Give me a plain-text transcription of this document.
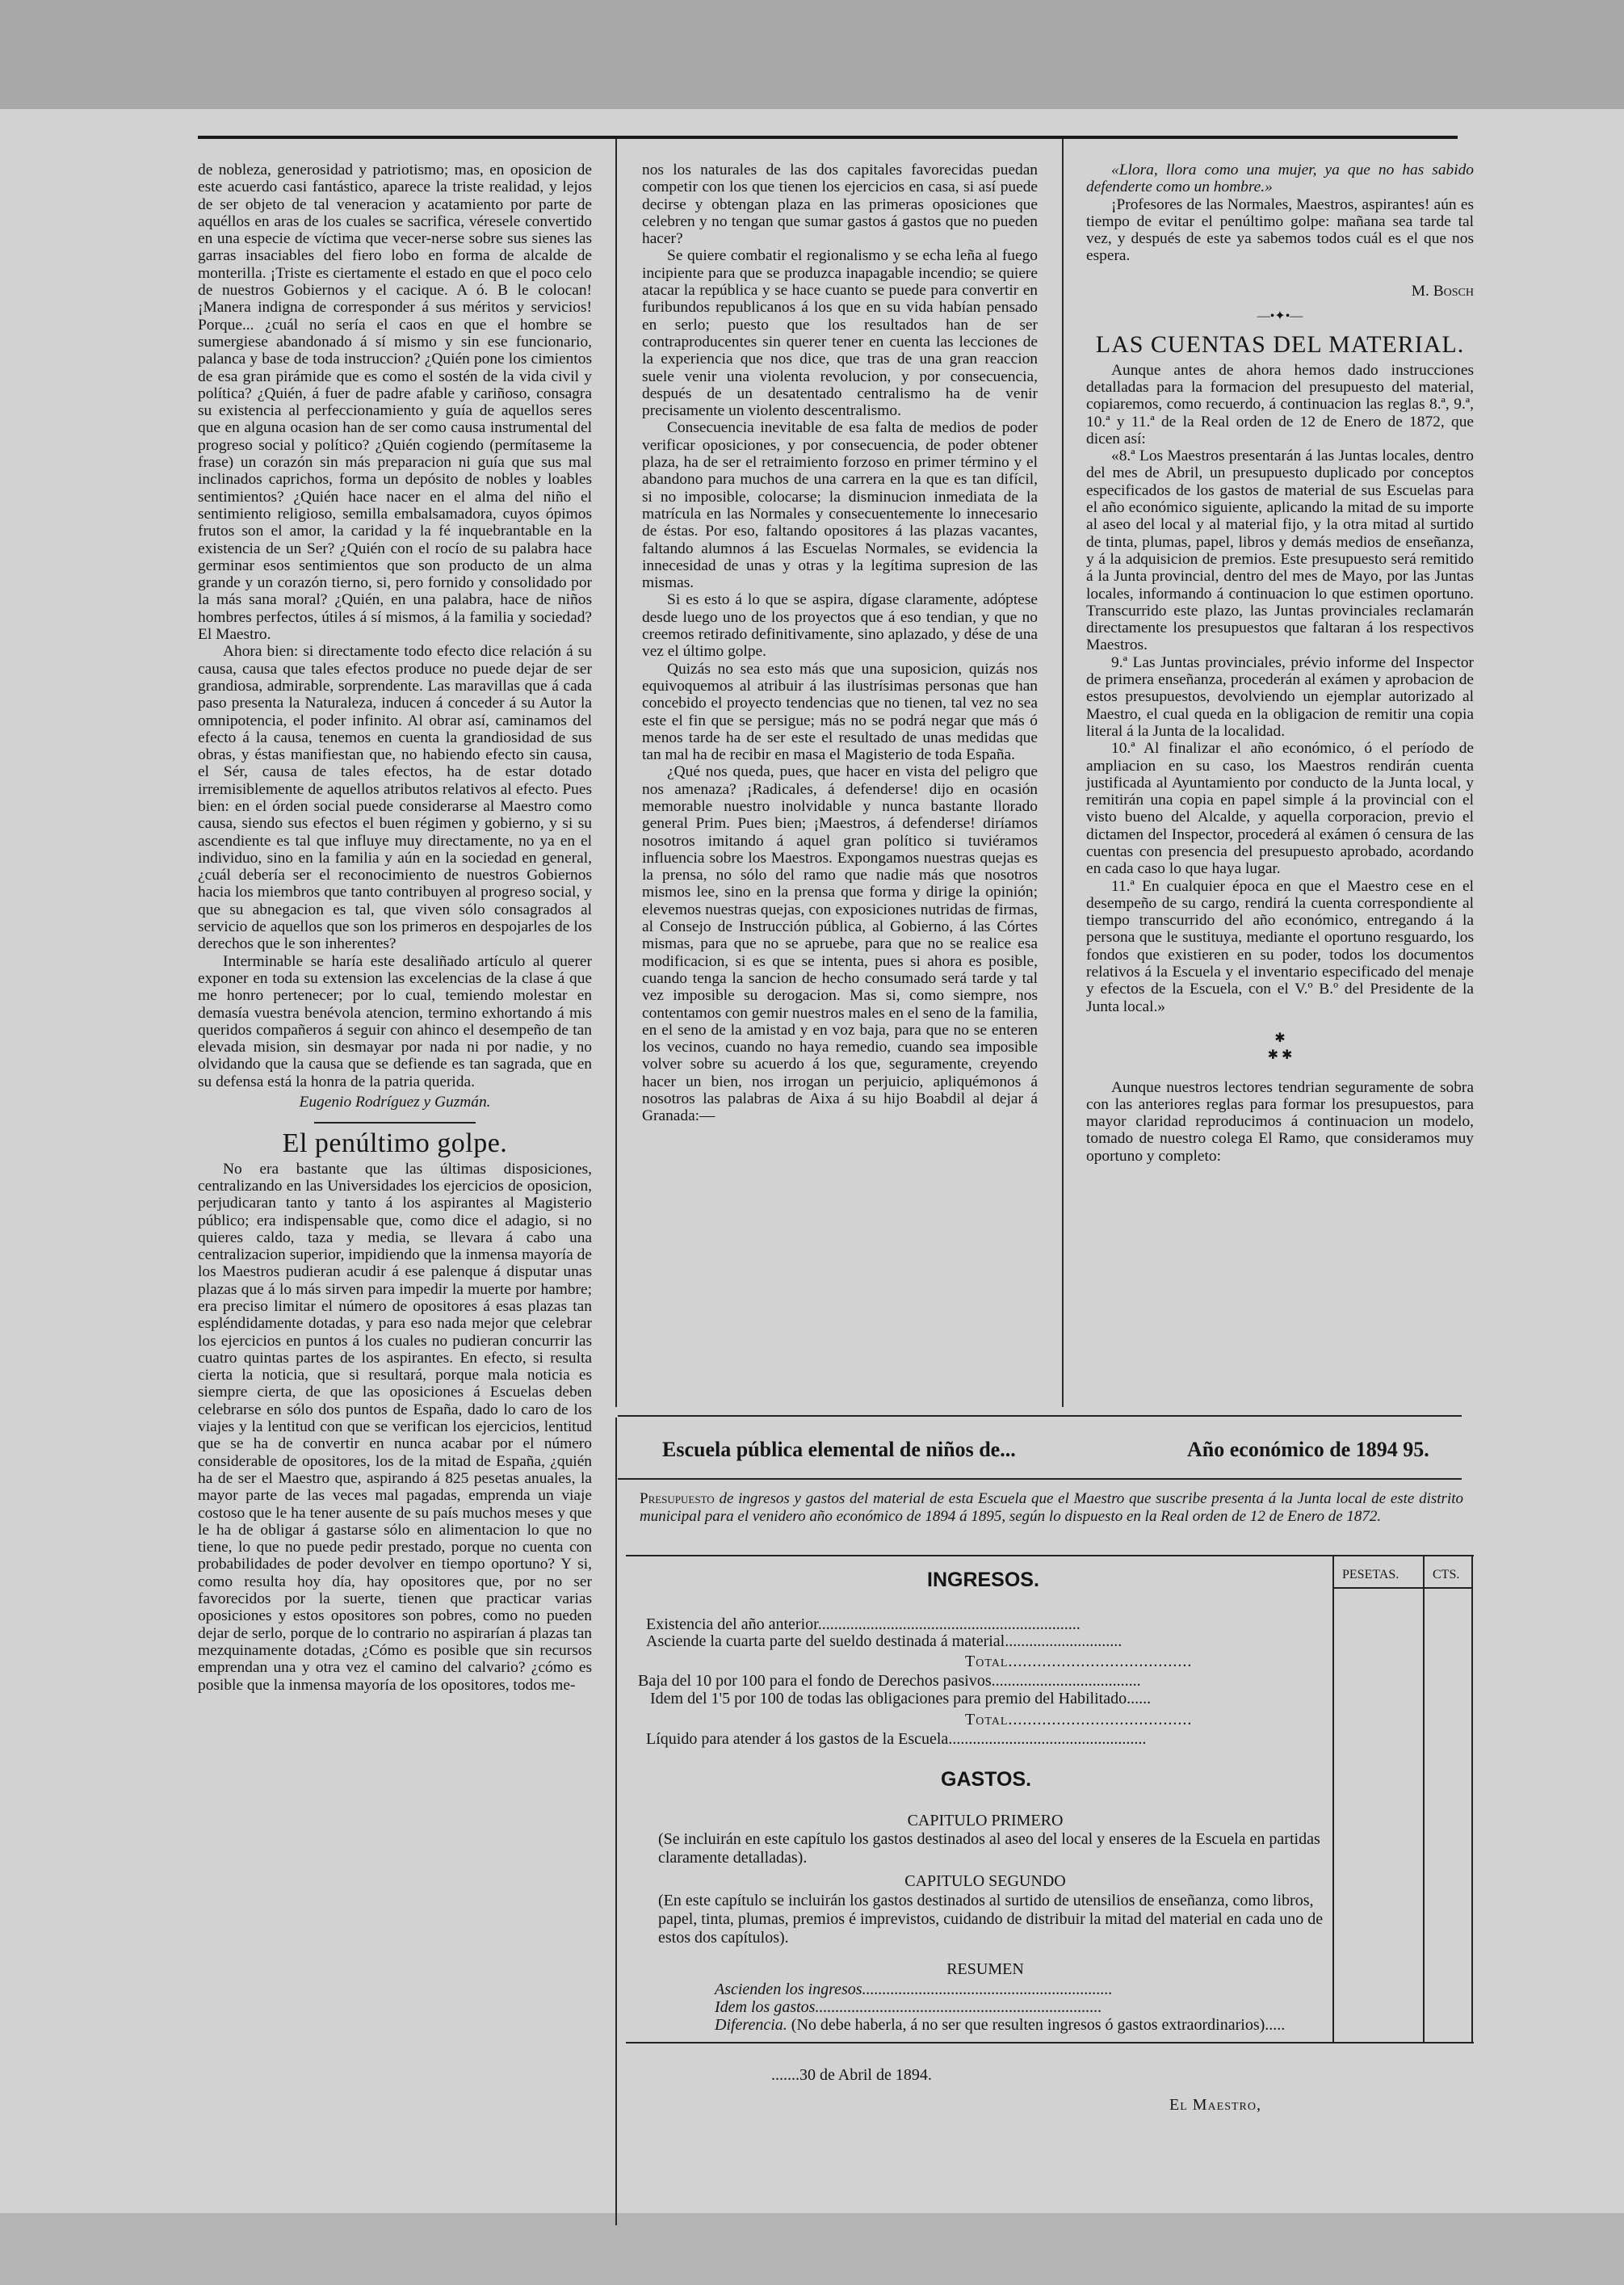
de nobleza, generosidad y patriotismo; mas, en oposicion de este acuerdo casi fantástico, aparece la triste realidad, y lejos de ser objeto de tal veneracion y acatamiento por parte de aquéllos en aras de los cuales se sacrifica, véresele convertido en una especie de víctima que vecer-nerse sobre sus sienes las garras insaciables del fiero lobo en forma de alcalde de monterilla. ¡Triste es ciertamente el estado en que el poco celo de nuestros Gobiernos y el cacique. A ó. B le colocan! ¡Manera indigna de corresponder á sus méritos y servicios! Porque... ¿cuál no sería el caos en que el hombre se sumergiese abandonado á sí mismo y sin ese funcionario, palanca y base de toda instruccion? ¿Quién pone los cimientos de esa gran pirámide que es como el sostén de la vida civil y política? ¿Quién, á fuer de padre afable y cariñoso, consagra su existencia al perfeccionamiento y guía de aquellos seres que en alguna ocasion han de ser como causa instrumental del progreso social y político? ¿Quién cogiendo (permítaseme la frase) un corazón sin más preparacion ni guía que sus mal inclinados caprichos, forma un depósito de nobles y loables sentimientos? ¿Quién hace nacer en el alma del niño el sentimiento religioso, semilla embalsamadora, cuyos ópimos frutos son el amor, la caridad y la fé inquebrantable en la existencia de un Ser? ¿Quién con el rocío de su palabra hace germinar esos sentimientos que son producto de un alma grande y un corazón tierno, si, pero fornido y consolidado por la más sana moral? ¿Quién, en una palabra, hace de niños hombres perfectos, útiles á sí mismos, á la familia y sociedad? El Maestro.

Ahora bien: si directamente todo efecto dice relación á su causa, causa que tales efectos produce no puede dejar de ser grandiosa, admirable, sorprendente. Las maravillas que á cada paso presenta la Naturaleza, inducen á conceder á su Autor la omnipotencia, el poder infinito. Al obrar así, caminamos del efecto á la causa, tenemos en cuenta la grandiosidad de sus obras, y éstas manifiestan que, no habiendo efecto sin causa, el Sér, causa de tales efectos, ha de estar dotado irremisiblemente de aquellos atributos relativos al efecto. Pues bien: en el órden social puede considerarse al Maestro como causa, siendo sus efectos el buen régimen y gobierno, y si su ascendiente es tal que influye muy directamente, no ya en el individuo, sino en la familia y aún en la sociedad en general, ¿cuál debería ser el reconocimiento de nuestros Gobiernos hacia los miembros que tanto contribuyen al progreso social, y que su abnegacion es tal, que viven sólo consagrados al servicio de aquellos que son los primeros en despojarles de los derechos que le son inherentes?

Interminable se haría este desaliñado artículo al querer exponer en toda su extension las excelencias de la clase á que me honro pertenecer; por lo cual, temiendo molestar en demasía vuestra benévola atencion, termino exhortando á mis queridos compañeros á seguir con ahinco el desempeño de tan elevada mision, sin desmayar por nada ni por nadie, y no olvidando que la causa que se defiende es tan sagrada, que en su defensa está la honra de la patria querida.

Eugenio Rodríguez y Guzmán.
El penúltimo golpe.

No era bastante que las últimas disposiciones, centralizando en las Universidades los ejercicios de oposicion, perjudicaran tanto y tanto á los aspirantes al Magisterio público; era indispensable que, como dice el adagio, si no quieres caldo, taza y media, se llevara á cabo una centralizacion superior, impidiendo que la inmensa mayoría de los Maestros pudieran acudir á ese palenque á disputar unas plazas que á lo más sirven para impedir la muerte por hambre; era preciso limitar el número de opositores á esas plazas tan espléndidamente dotadas, y para eso nada mejor que celebrar los ejercicios en puntos á los cuales no pudieran concurrir las cuatro quintas partes de los aspirantes. En efecto, si resulta cierta la noticia, que si resultará, porque mala noticia es siempre cierta, de que las oposiciones á Escuelas deben celebrarse en sólo dos puntos de España, dado lo caro de los viajes y la lentitud con que se verifican los ejercicios, lentitud que se ha de convertir en nunca acabar por el número considerable de opositores, los de la mitad de España, ¿quién ha de ser el Maestro que, aspirando á 825 pesetas anuales, la mayor parte de las veces mal pagadas, emprenda un viaje costoso que le ha tener ausente de su país muchos meses y que le ha de obligar á gastarse sólo en alimentacion lo que no tiene, lo que no puede pedir prestado, porque no cuenta con probabilidades de poder devolver en tiempo oportuno? Y si, como resulta hoy día, hay opositores que, por no ser favorecidos por la suerte, tienen que practicar varias oposiciones y estos opositores son pobres, como no pueden dejar de serlo, porque de lo contrario no aspirarían á plazas tan mezquinamente dotadas, ¿Cómo es posible que sin recursos emprendan una y otra vez el camino del calvario? ¿cómo es posible que la inmensa mayoría de los opositores, todos me-

nos los naturales de las dos capitales favorecidas puedan competir con los que tienen los ejercicios en casa, si así puede decirse y obtengan plaza en las primeras oposiciones que celebren y no tengan que sumar gastos á gastos que no pueden hacer?

Se quiere combatir el regionalismo y se echa leña al fuego incipiente para que se produzca inapagable incendio; se quiere atacar la república y se hace cuanto se puede para convertir en furibundos republicanos á los que en su vida habían pensado en serlo; puesto que los resultados han de ser contraproducentes sin querer tener en cuenta las lecciones de la experiencia que nos dice, que tras de una gran reaccion suele venir una violenta revolucion, y por consecuencia, después de un desatentado centralismo ha de venir precisamente un violento descentralismo.

Consecuencia inevitable de esa falta de medios de poder verificar oposiciones, y por consecuencia, de poder obtener plaza, ha de ser el retraimiento forzoso en primer término y el abandono para muchos de una carrera en la que es tan difícil, si no imposible, colocarse; la disminucion inmediata de la matrícula en las Normales y consecuentemente lo innecesario de éstas. Por eso, faltando opositores á las plazas vacantes, faltando alumnos á las Escuelas Normales, se evidencia la innecesidad de unas y otras y la legítima supresion de las mismas.

Si es esto á lo que se aspira, dígase claramente, adóptese desde luego uno de los proyectos que á eso tendian, y que no creemos retirado definitivamente, sino aplazado, y dése de una vez el último golpe.

Quizás no sea esto más que una suposicion, quizás nos equivoquemos al atribuir á las ilustrísimas personas que han concebido el proyecto tendencias que no tienen, tal vez no sea este el fin que se persigue; más no se podrá negar que más ó menos tarde ha de ser este el resultado de unas medidas que tan mal ha de recibir en masa el Magisterio de toda España.

¿Qué nos queda, pues, que hacer en vista del peligro que nos amenaza? ¡Radicales, á defenderse! dijo en ocasión memorable nuestro inolvidable y nunca bastante llorado general Prim. Pues bien; ¡Maestros, á defenderse! diríamos nosotros imitando á aquel gran político si tuviéramos influencia sobre los Maestros. Expongamos nuestras quejas es la prensa, no sólo del ramo que nadie más que nosotros mismos lee, sino en la prensa que forma y dirige la opinión; elevemos nuestras quejas, con exposiciones nutridas de firmas, al Consejo de Instrucción pública, al Gobierno, á las Córtes mismas, para que no se apruebe, para que no se realice esa modificacion, si es que se intenta, pues si ahora es posible, cuando tenga la sancion de hecho consumado será tarde y tal vez imposible su derogacion. Mas si, como siempre, nos contentamos con gemir nuestros males en el seno de la familia, en el seno de la amistad y en voz baja, para que no se enteren los vecinos, cuando no haya remedio, cuando sea imposible volver sobre su acuerdo á los que, seguramente, creyendo hacer un bien, nos irrogan un perjuicio, apliquémonos á nosotros las palabras de Aixa á su hijo Boabdil al dejar á Granada:—

«Llora, llora como una mujer, ya que no has sabido defenderte como un hombre.»

¡Profesores de las Normales, Maestros, aspirantes! aún es tiempo de evitar el penúltimo golpe: mañana sea tarde tal vez, y después de este ya sabemos todos cuál es el que nos espera.

M. Bosch
—•✦•—
LAS CUENTAS DEL MATERIAL.

Aunque antes de ahora hemos dado instrucciones detalladas para la formacion del presupuesto del material, copiaremos, como recuerdo, á continuacion las reglas 8.ª, 9.ª, 10.ª y 11.ª de la Real orden de 12 de Enero de 1872, que dicen así:

«8.ª Los Maestros presentarán á las Juntas locales, dentro del mes de Abril, un presupuesto duplicado por conceptos especificados de los gastos de material de sus Escuelas para el año económico siguiente, aplicando la mitad de su importe al aseo del local y al material fijo, y la otra mitad al surtido de tinta, plumas, papel, libros y demás medios de enseñanza, y á la adquisicion de premios. Este presupuesto será remitido á la Junta provincial, dentro del mes de Mayo, por las Juntas locales, informando á continuacion lo que estimen oportuno. Transcurrido este plazo, las Juntas provinciales reclamarán directamente los presupuestos que faltaran á los respectivos Maestros.

9.ª Las Juntas provinciales, prévio informe del Inspector de primera enseñanza, procederán al exámen y aprobacion de estos presupuestos, devolviendo un ejemplar autorizado al Maestro, el cual queda en la obligacion de remitir una copia literal á la Junta de la localidad.

10.ª Al finalizar el año económico, ó el período de ampliacion en su caso, los Maestros rendirán cuenta justificada al Ayuntamiento por conducto de la Junta local, y remitirán una copia en papel simple á la provincial con el visto bueno del Alcalde, y aquella corporacion, previo el dictamen del Inspector, procederá al exámen ó censura de las cuentas con presencia del presupuesto aprobado, acordando en cada caso lo que haya lugar.

11.ª En cualquier época en que el Maestro cese en el desempeño de su cargo, rendirá la cuenta correspondiente al tiempo transcurrido del año económico, entregando á la persona que le sustituya, mediante el oportuno resguardo, los fondos que existieren en su poder, todos los documentos relativos á la Escuela y el inventario especificado del menaje y efectos de la Escuela, con el V.º B.º del Presidente de la Junta local.»

✱
✱ ✱

Aunque nuestros lectores tendrian seguramente de sobra con las anteriores reglas para formar los presupuestos, para mayor claridad reproducimos á continuacion un modelo, tomado de nuestro colega El Ramo, que consideramos muy oportuno y completo:

Escuela pública elemental de niños de...	Año económico de 1894 95.
Presupuesto de ingresos y gastos del material de esta Escuela que el Maestro que suscribe presenta á la Junta local de este distrito municipal para el venidero año económico de 1894 á 1895, según lo dispuesto en la Real orden de 12 de Enero de 1872.
PESETAS.	CTS.
INGRESOS.
Existencia del año anterior.................................................................
Asciende la cuarta parte del sueldo destinada á material.............................
Total......................................
Baja del 10 por 100 para el fondo de Derechos pasivos.....................................
Idem del 1'5 por 100 de todas las obligaciones para premio del Habilitado......
Total......................................
Líquido para atender á los gastos de la Escuela.................................................
GASTOS.
CAPITULO PRIMERO
(Se incluirán en este capítulo los gastos destinados al aseo del local y enseres de la Escuela en partidas claramente detalladas).
CAPITULO SEGUNDO
(En este capítulo se incluirán los gastos destinados al surtido de utensilios de enseñanza, como libros, papel, tinta, plumas, premios é imprevistos, cuidando de distribuir la mitad del material en cada uno de estos dos capítulos).
RESUMEN
Ascienden los ingresos..............................................................
Idem los gastos.......................................................................
Diferencia. (No debe haberla, á no ser que resulten ingresos ó gastos extraordinarios).....
.......30 de Abril de 1894.
El Maestro,
